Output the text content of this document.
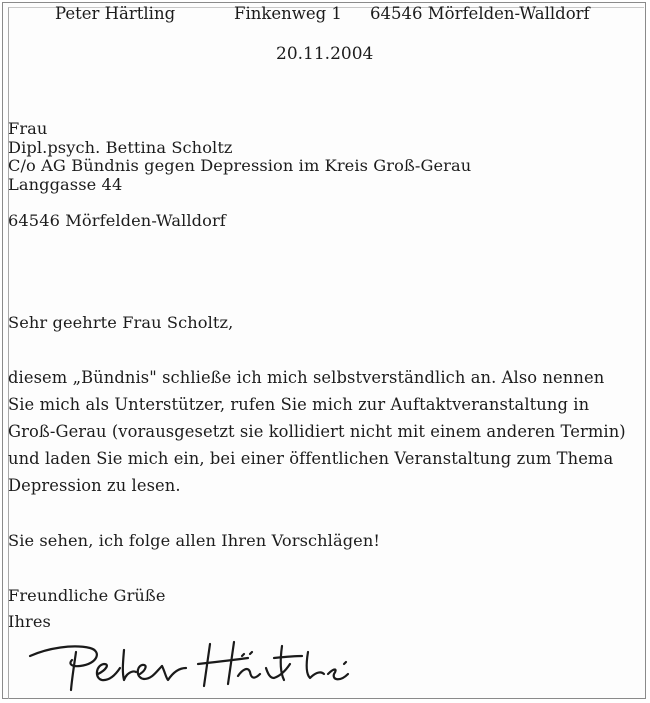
Peter Härtling	Finkenweg 1 64546 Mörfelden-Walldorf
20.11.2004
Frau
Dipl.psych. Bettina Scholtz
C/o AG Bündnis gegen Depression im Kreis Groß-Gerau
Langgasse 44
64546 Mörfelden-Walldorf
Sehr geehrte Frau Scholtz,
diesem „Bündnis" schließe ich mich selbstverständlich an. Also nennen
Sie mich als Unterstützer, rufen Sie mich zur Auftaktveranstaltung in
Groß-Gerau (vorausgesetzt sie kollidiert nicht mit einem anderen Termin)
und laden Sie mich ein, bei einer öffentlichen Veranstaltung zum Thema
Depression zu lesen.
Sie sehen, ich folge allen Ihren Vorschlägen!
Freundliche Grüße
Ihres
